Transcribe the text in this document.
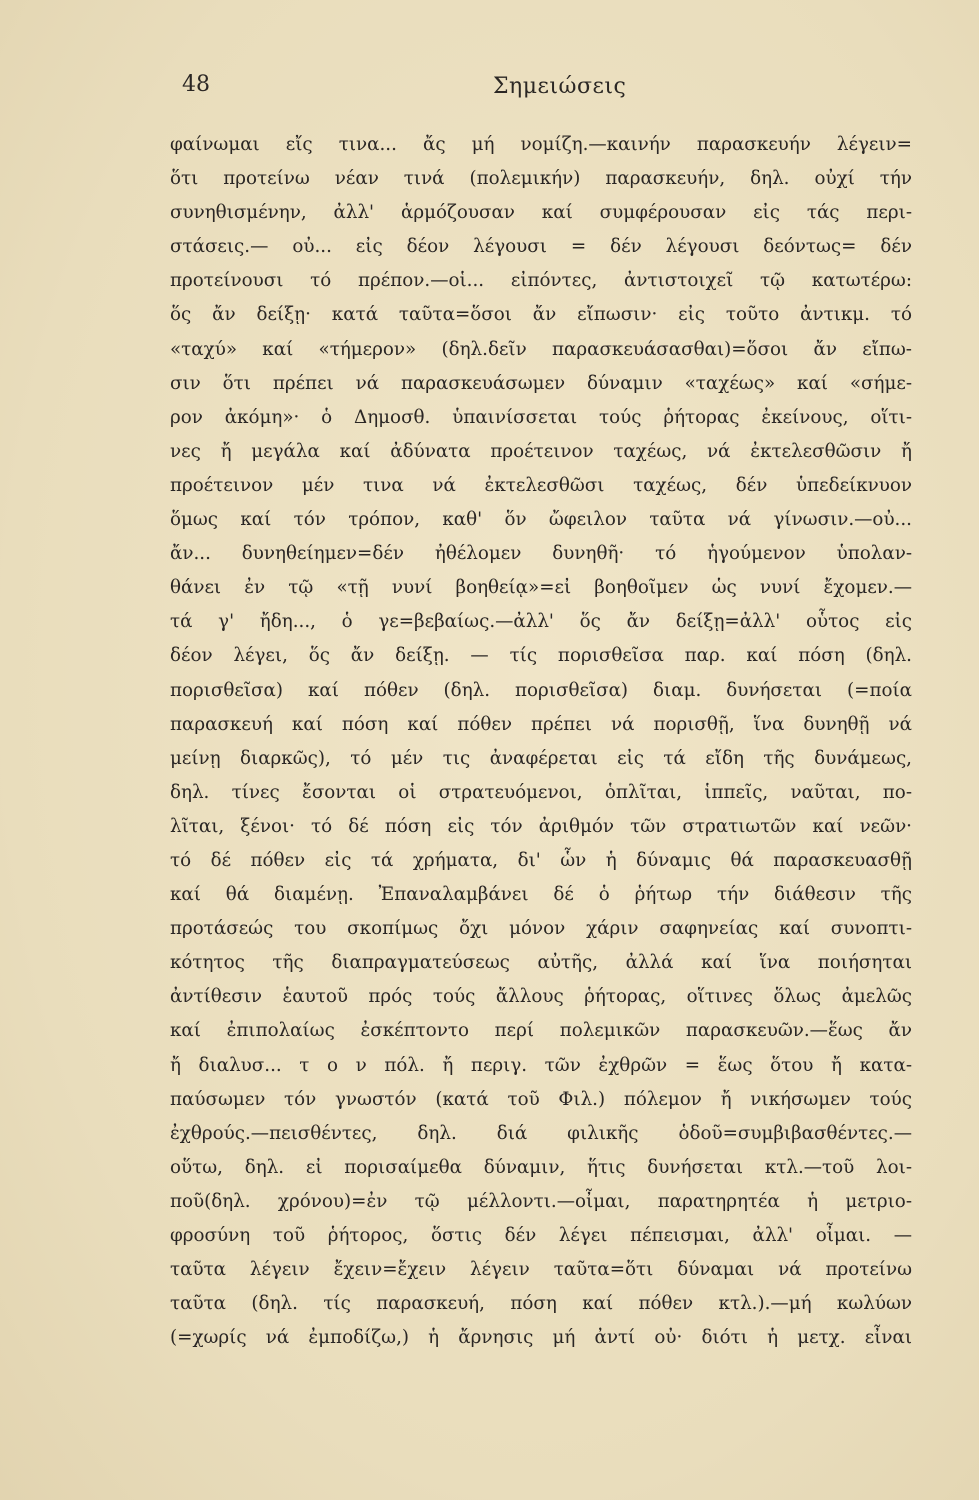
48	Σημειώσεις
φαίνωμαι εἴς τινα... ἄς μή νομίζη.—καινήν παρασκευήν λέγειν=
ὅτι προτείνω νέαν τινά (πολεμικήν) παρασκευήν, δηλ. οὐχί τήν
συνηθισμένην, ἀλλ' ἁρμόζουσαν καί συμφέρουσαν εἰς τάς περι-
στάσεις.— οὐ... εἰς δέον λέγουσι = δέν λέγουσι δεόντως= δέν
προτείνουσι τό πρέπον.—οἱ... εἰπόντες, ἀντιστοιχεῖ τῷ κατωτέρω:
ὅς ἄν δείξῃ· κατά ταῦτα=ὅσοι ἄν εἴπωσιν· εἰς τοῦτο ἀντικμ. τό
«ταχύ» καί «τήμερον» (δηλ.δεῖν παρασκευάσασθαι)=ὅσοι ἄν εἴπω-
σιν ὅτι πρέπει νά παρασκευάσωμεν δύναμιν «ταχέως» καί «σήμε-
ρον ἀκόμη»· ὁ Δημοσθ. ὑπαινίσσεται τούς ῥήτορας ἐκείνους, οἵτι-
νες ἤ μεγάλα καί ἀδύνατα προέτεινον ταχέως, νά ἐκτελεσθῶσιν ἤ
προέτεινον μέν τινα νά ἐκτελεσθῶσι ταχέως, δέν ὑπεδείκνυον
ὅμως καί τόν τρόπον, καθ' ὅν ὤφειλον ταῦτα νά γίνωσιν.—οὐ...
ἄν... δυνηθείημεν=δέν ἠθέλομεν δυνηθῆ· τό ἡγούμενον ὑπολαν-
θάνει ἐν τῷ «τῇ νυνί βοηθείᾳ»=εἰ βοηθοῖμεν ὡς νυνί ἔχομεν.—
τά γ' ἤδη..., ὁ γε=βεβαίως.—ἀλλ' ὅς ἄν δείξῃ=ἀλλ' οὗτος εἰς
δέον λέγει, ὅς ἄν δείξῃ. — τίς πορισθεῖσα παρ. καί πόση (δηλ.
πορισθεῖσα) καί πόθεν (δηλ. πορισθεῖσα) διαμ. δυνήσεται (=ποία
παρασκευή καί πόση καί πόθεν πρέπει νά πορισθῇ, ἵνα δυνηθῇ νά
μείνῃ διαρκῶς), τό μέν τις ἀναφέρεται εἰς τά εἴδη τῆς δυνάμεως,
δηλ. τίνες ἔσονται οἱ στρατευόμενοι, ὁπλῖται, ἱππεῖς, ναῦται, πο-
λῖται, ξένοι· τό δέ πόση εἰς τόν ἀριθμόν τῶν στρατιωτῶν καί νεῶν·
τό δέ πόθεν εἰς τά χρήματα, δι' ὧν ἡ δύναμις θά παρασκευασθῇ
καί θά διαμένῃ. Ἐπαναλαμβάνει δέ ὁ ῥήτωρ τήν διάθεσιν τῆς
προτάσεώς του σκοπίμως ὄχι μόνον χάριν σαφηνείας καί συνοπτι-
κότητος τῆς διαπραγματεύσεως αὐτῆς, ἀλλά καί ἵνα ποιήσηται
ἀντίθεσιν ἑαυτοῦ πρός τούς ἄλλους ῥήτορας, οἵτινες ὅλως ἀμελῶς
καί ἐπιπολαίως ἐσκέπτοντο περί πολεμικῶν παρασκευῶν.—ἕως ἄν
ἤ διαλυσ... τ ο ν πόλ. ἤ περιγ. τῶν ἐχθρῶν = ἕως ὅτου ἤ κατα-
παύσωμεν τόν γνωστόν (κατά τοῦ Φιλ.) πόλεμον ἤ νικήσωμεν τούς
ἐχθρούς.—πεισθέντες, δηλ. διά φιλικῆς ὁδοῦ=συμβιβασθέντες.—
οὕτω, δηλ. εἰ πορισαίμεθα δύναμιν, ἥτις δυνήσεται κτλ.—τοῦ λοι-
ποῦ(δηλ. χρόνου)=ἐν τῷ μέλλοντι.—οἶμαι, παρατηρητέα ἡ μετριο-
φροσύνη τοῦ ῥήτορος, ὅστις δέν λέγει πέπεισμαι, ἀλλ' οἶμαι. —
ταῦτα λέγειν ἔχειν=ἔχειν λέγειν ταῦτα=ὅτι δύναμαι νά προτείνω
ταῦτα (δηλ. τίς παρασκευή, πόση καί πόθεν κτλ.).—μή κωλύων
(=χωρίς νά ἐμποδίζω,) ἡ ἄρνησις μή ἀντί οὐ· διότι ἡ μετχ. εἶναι
